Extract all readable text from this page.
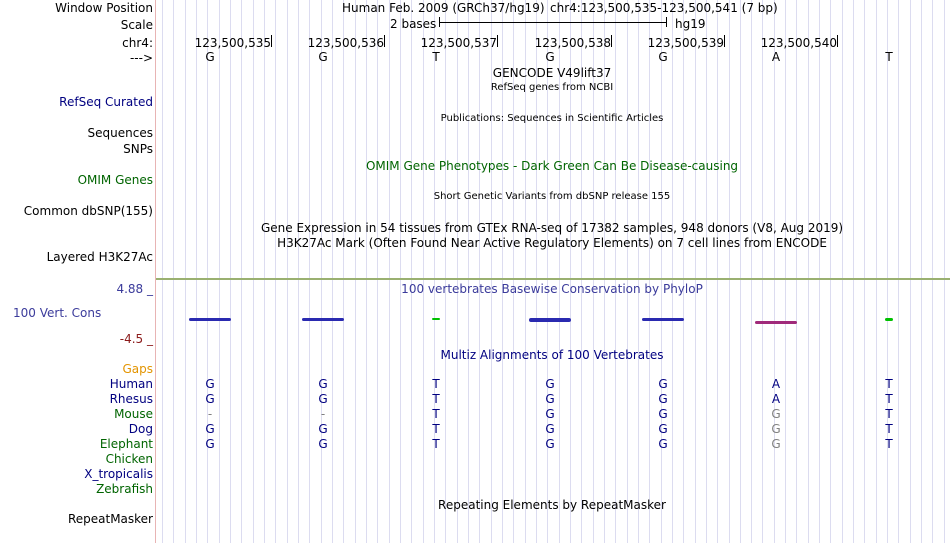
Window Position	Human Feb. 2009 (GRCh37/hg19) chr4:123,500,535-123,500,541 (7 bp)
Scale	2 bases	hg19
chr4:	123,500,535	123,500,536	123,500,537	123,500,538	123,500,539	123,500,540
--->	G	G	T	G	G	A	T
GENCODE V49lift37
RefSeq genes from NCBI
RefSeq Curated
Publications: Sequences in Scientific Articles
Sequences
SNPs
OMIM Gene Phenotypes - Dark Green Can Be Disease-causing
OMIM Genes
Short Genetic Variants from dbSNP release 155
Common dbSNP(155)
Gene Expression in 54 tissues from GTEx RNA-seq of 17382 samples, 948 donors (V8, Aug 2019)
H3K27Ac Mark (Often Found Near Active Regulatory Elements) on 7 cell lines from ENCODE
Layered H3K27Ac
100 vertebrates Basewise Conservation by PhyloP
4.88 _
100 Vert. Cons
-4.5 _
Multiz Alignments of 100 Vertebrates
Gaps
Human	G	G	T	G	G	A	T
Rhesus	G	G	T	G	G	A	T
Mouse	-	-	T	G	G	G	T
Dog	G	G	T	G	G	G	T
Elephant	G	G	T	G	G	G	T
Chicken
X_tropicalis
Zebrafish
Repeating Elements by RepeatMasker
RepeatMasker
